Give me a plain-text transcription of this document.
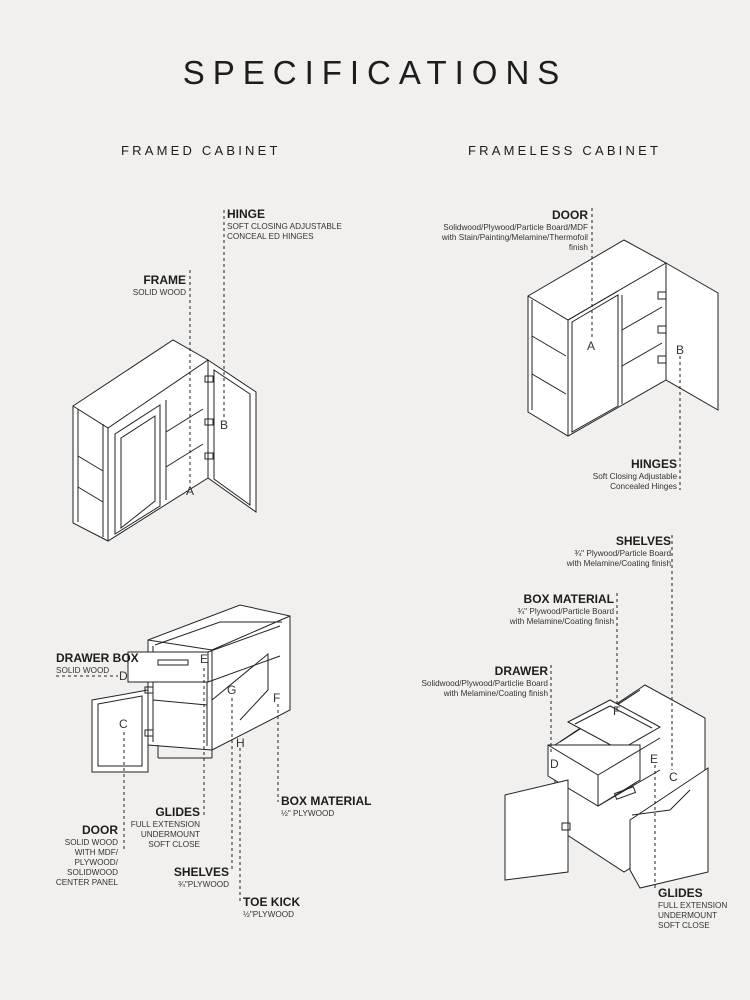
SPECIFICATIONS
FRAMED CABINET	FRAMELESS CABINET
HINGE
SOFT CLOSING ADJUSTABLE
CONCEAL ED HINGES
FRAME
SOLID WOOD
A
B
DRAWER BOX
SOLID WOOD D
E
C
G
F
H
DOOR
SOLID WOOD
WITH MDF/
PLYWOOD/
SOLIDWOOD
CENTER PANEL
GLIDES
FULL EXTENSION
UNDERMOUNT
SOFT CLOSE
BOX MATERIAL
½" PLYWOOD
SHELVES
¾"PLYWOOD
TOE KICK
½"PLYWOOD
DOOR
Solidwood/Plywood/Particle Board/MDF
with Stain/Painting/Melamine/Thermofoil
finish
A	B
HINGES
Soft Closing Adjustable
Concealed Hinges
SHELVES
¾" Plywood/Particle Board
with Melamine/Coating finish
BOX MATERIAL
¾" Plywood/Particle Board
with Melamine/Coating finish
DRAWER
Solidwood/Plywood/Particlie Board
with Melamine/Coating finish
D
F
E
C
GLIDES
FULL EXTENSION
UNDERMOUNT
SOFT CLOSE
